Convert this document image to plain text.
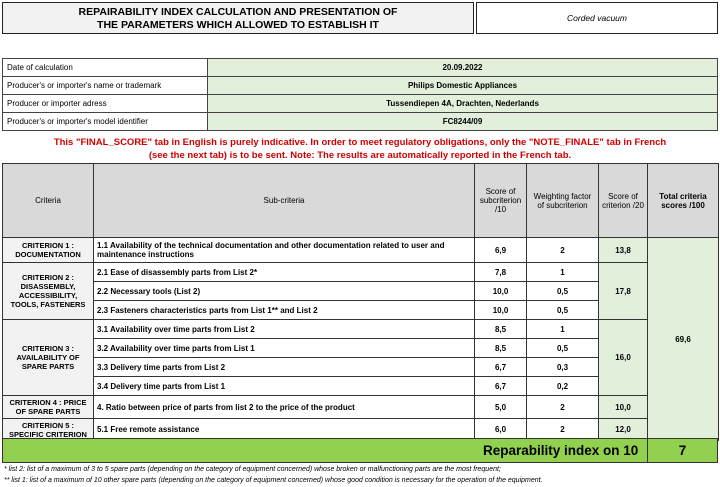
REPAIRABILITY INDEX CALCULATION AND PRESENTATION OF
THE PARAMETERS WHICH ALLOWED TO ESTABLISH IT
Corded vacuum
Date of calculation	20.09.2022
Producer's or importer's name or trademark	Philips Domestic Appliances
Producer or importer adress	Tussendiepen 4A, Drachten, Nederlands
Producer's or importer's model identifier	FC8244/09
This "FINAL_SCORE" tab in English is purely indicative. In order to meet regulatory obligations, only the "NOTE_FINALE" tab in French
(see the next tab) is to be sent. Note: The results are automatically reported in the French tab.
Criteria	Sub-criteria	Score of subcriterion /10	Weighting factor of subcriterion	Score of criterion /20	Total criteria scores /100
CRITERION 1 : DOCUMENTATION	1.1 Availability of the technical documentation and other documentation related to user and maintenance instructions	6,9	2	13,8	69,6
CRITERION 2 : DISASSEMBLY, ACCESSIBILITY, TOOLS, FASTENERS	2.1 Ease of disassembly parts from List 2*	7,8	1	17,8	
	2.2 Necessary tools (List 2)	10,0	0,5		
	2.3 Fasteners characteristics parts from List 1** and List 2	10,0	0,5		
CRITERION 3 : AVAILABILITY OF SPARE PARTS	3.1 Availability over time parts from List 2	8,5	1	16,0	
	3.2 Availability over time parts from List 1	8,5	0,5		
	3.3 Delivery time parts from List 2	6,7	0,3		
	3.4 Delivery time parts from List 1	6,7	0,2		
CRITERION 4 : PRICE OF SPARE PARTS	4. Ratio between price of parts from list 2 to the price of the product	5,0	2	10,0	
CRITERION 5 : SPECIFIC CRITERION	5.1 Free remote assistance	6,0	2	12,0	
Reparability index on 10	7
* list 2: list of a maximum of 3 to 5 spare parts (depending on the category of equipment concerned) whose broken or malfunctioning parts are the most frequent;
** list 1: list of a maximum of 10 other spare parts (depending on the category of equipment concerned) whose good condition is necessary for the operation of the equipment.
